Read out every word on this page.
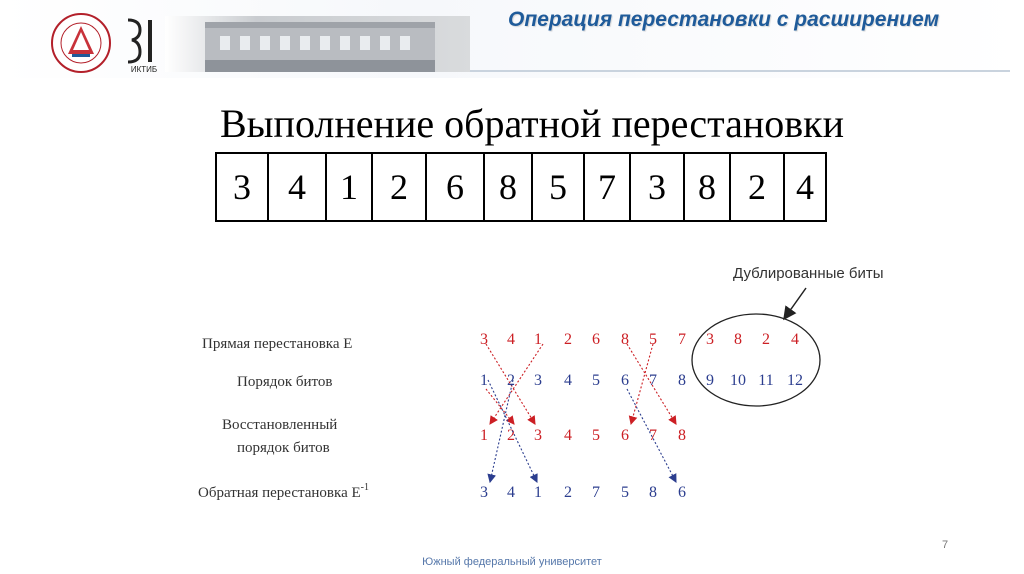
ИКТИБ
Операция перестановки с расширением
Выполнение обратной перестановки
3	4	1	2	6	8	5	7	3	8	2	4
Прямая перестановка E
Порядок битов
Восстановленный
порядок битов
Обратная перестановка $E^{-1}$
Дублированные биты
3 4 1 2 6 8 5 7 3 8 2 4
1 2 3 4 5 6 7 8 9 10 11 12
1 2 3 4 5 6 7 8
3 4 1 2 7 5 8 6
7
Южный федеральный университет
